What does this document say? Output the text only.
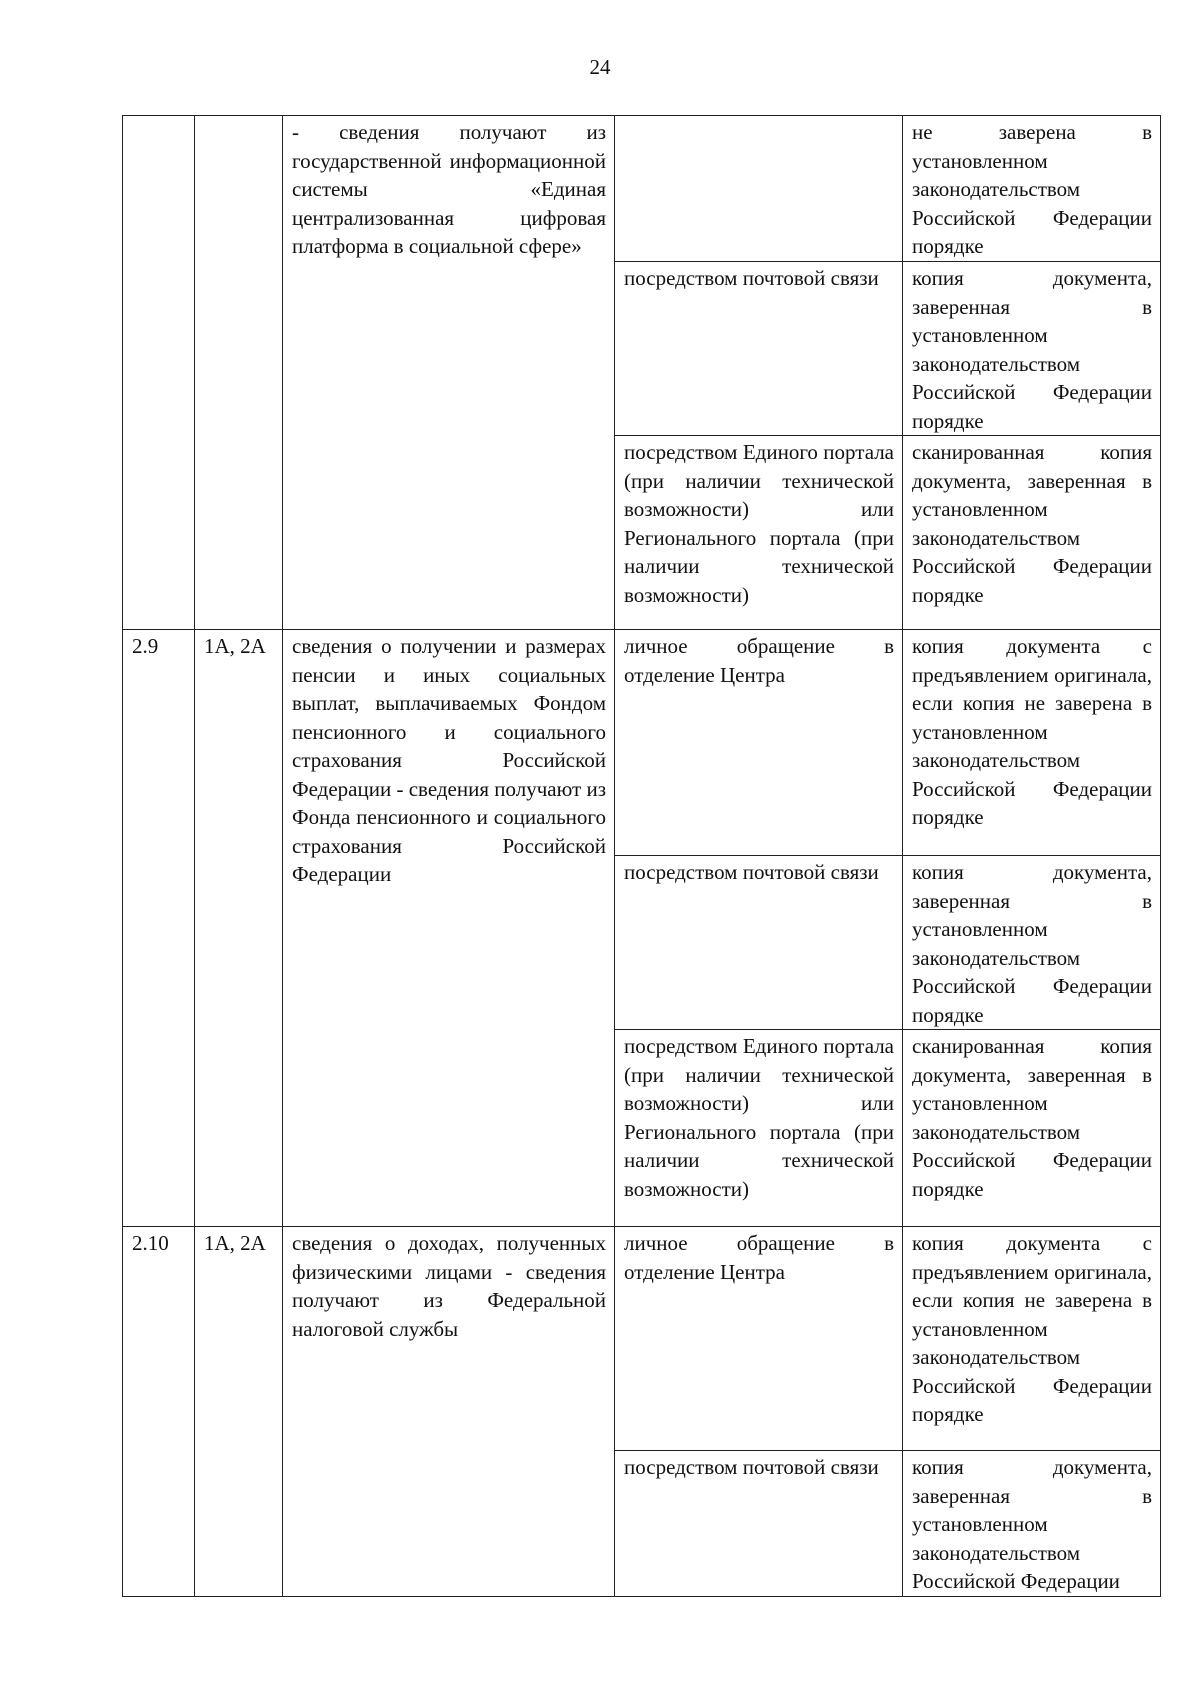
24
		- сведения получают из государственной информационной системы «Единая централизованная цифровая платформа в социальной сфере»		не заверена в установленном законодательством Российской Федерации порядке
			посредством почтовой связи	копия документа, заверенная в установленном законодательством Российской Федерации порядке
			посредством Единого портала (при наличии технической возможности) или Регионального портала (при наличии технической возможности)	сканированная копия документа, заверенная в установленном законодательством Российской Федерации порядке
2.9	1А, 2А	сведения о получении и размерах пенсии и иных социальных выплат, выплачиваемых Фондом пенсионного и социального страхования Российской Федерации - сведения получают из Фонда пенсионного и социального страхования Российской Федерации	личное обращение в отделение Центра	копия документа с предъявлением оригинала, если копия не заверена в установленном законодательством Российской Федерации порядке
			посредством почтовой связи	копия документа, заверенная в установленном законодательством Российской Федерации порядке
			посредством Единого портала (при наличии технической возможности) или Регионального портала (при наличии технической возможности)	сканированная копия документа, заверенная в установленном законодательством Российской Федерации порядке
2.10	1А, 2А	сведения о доходах, полученных физическими лицами - сведения получают из Федеральной налоговой службы	личное обращение в отделение Центра	копия документа с предъявлением оригинала, если копия не заверена в установленном законодательством Российской Федерации порядке
			посредством почтовой связи	копия документа, заверенная в установленном законодательством Российской Федерации
